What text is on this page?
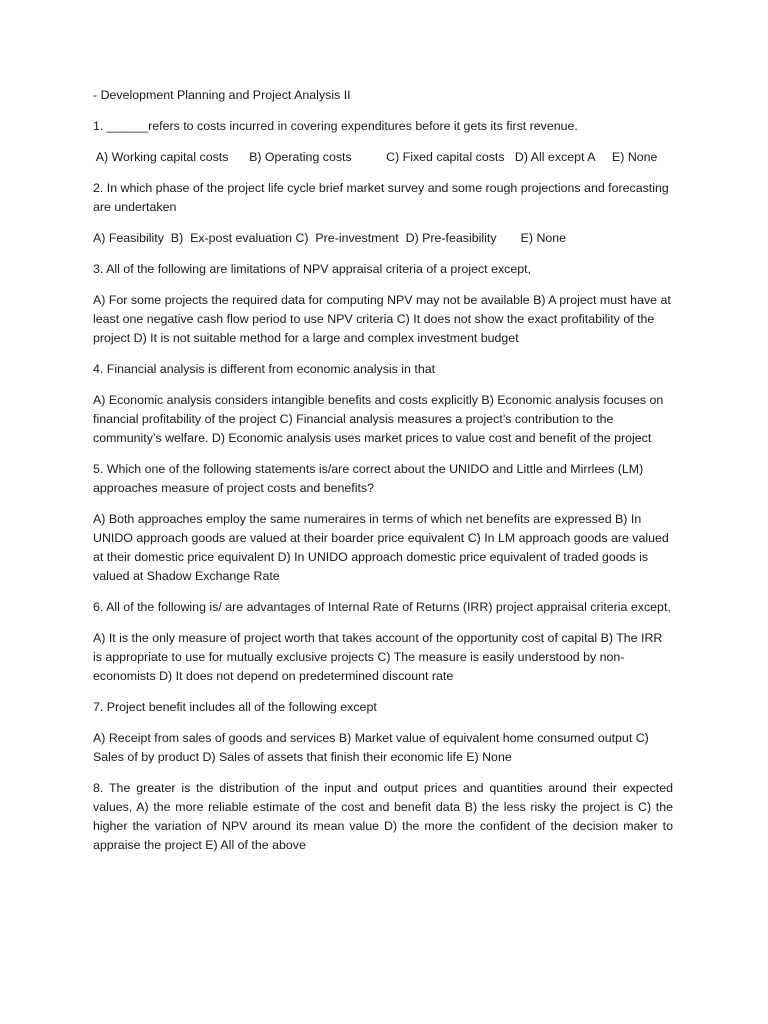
- Development Planning and Project Analysis II
1. ______refers to costs incurred in covering expenditures before it gets its first revenue.
A) Working capital costs      B) Operating costs          C) Fixed capital costs   D) All except A     E) None
2. In which phase of the project life cycle brief market survey and some rough projections and forecasting are undertaken
A) Feasibility  B)  Ex-post evaluation C)  Pre-investment  D) Pre-feasibility       E) None
3. All of the following are limitations of NPV appraisal criteria of a project except,
A) For some projects the required data for computing NPV may not be available B) A project must have at least one negative cash flow period to use NPV criteria C) It does not show the exact profitability of the project D) It is not suitable method for a large and complex investment budget
4. Financial analysis is different from economic analysis in that
A) Economic analysis considers intangible benefits and costs explicitly B) Economic analysis focuses on financial profitability of the project C) Financial analysis measures a project’s contribution to the community’s welfare. D) Economic analysis uses market prices to value cost and benefit of the project
5. Which one of the following statements is/are correct about the UNIDO and Little and Mirrlees (LM) approaches measure of project costs and benefits?
A) Both approaches employ the same numeraires in terms of which net benefits are expressed B) In UNIDO approach goods are valued at their boarder price equivalent C) In LM approach goods are valued at their domestic price equivalent D) In UNIDO approach domestic price equivalent of traded goods is valued at Shadow Exchange Rate
6. All of the following is/ are advantages of Internal Rate of Returns (IRR) project appraisal criteria except,
A) It is the only measure of project worth that takes account of the opportunity cost of capital B) The IRR is appropriate to use for mutually exclusive projects C) The measure is easily understood by non-economists D) It does not depend on predetermined discount rate
7. Project benefit includes all of the following except
A) Receipt from sales of goods and services B) Market value of equivalent home consumed output C) Sales of by product D) Sales of assets that finish their economic life E) None
8. The greater is the distribution of the input and output prices and quantities around their expected values, A) the more reliable estimate of the cost and benefit data B) the less risky the project is C) the higher the variation of NPV around its mean value D) the more the confident of the decision maker to appraise the project E) All of the above
